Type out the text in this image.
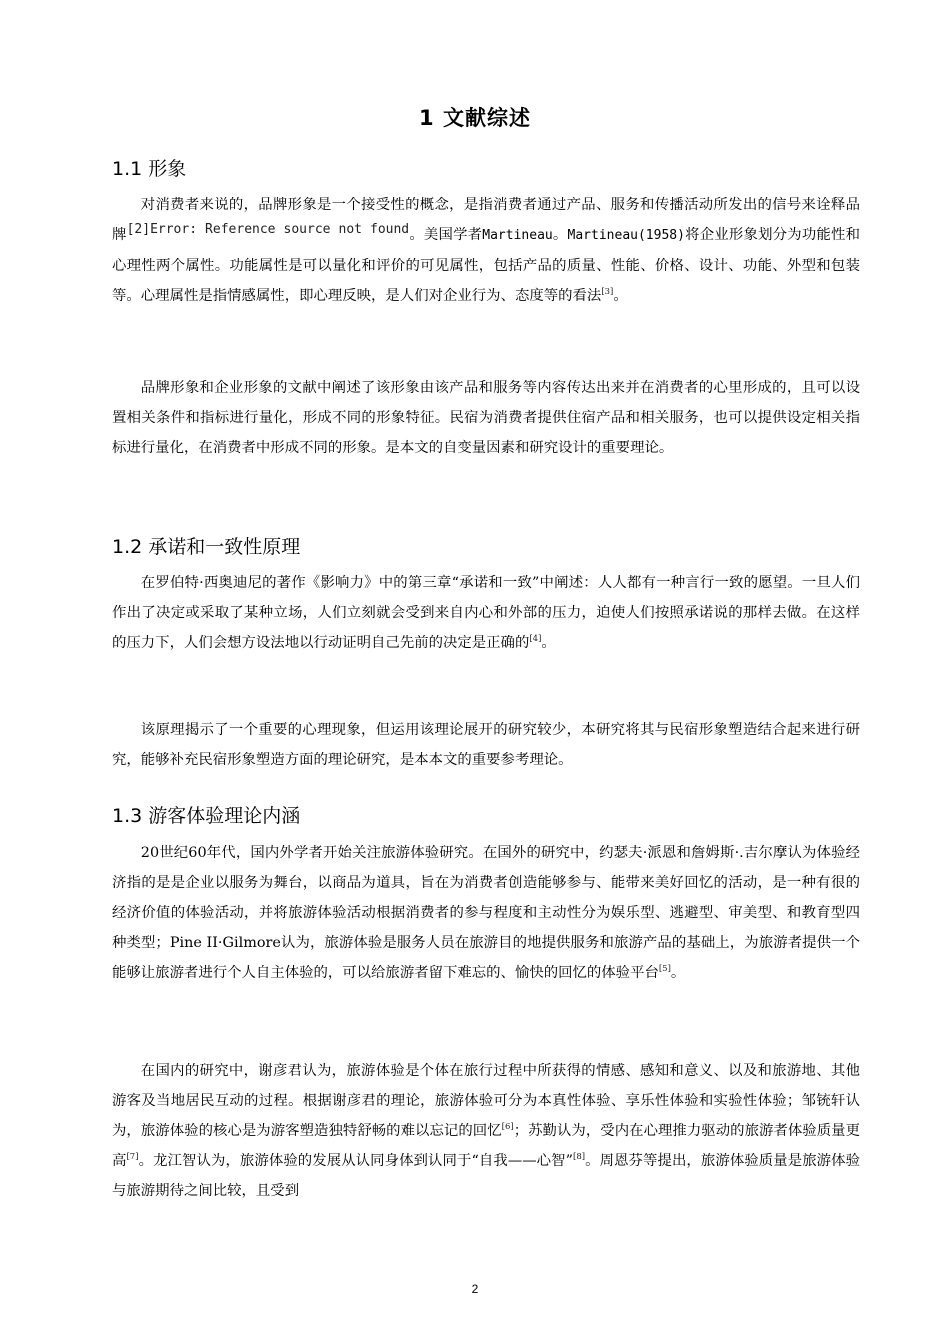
1 文献综述
1.1 形象

对消费者来说的，品牌形象是一个接受性的概念，是指消费者通过产品、服务和传播活动所发出的信号来诠释品牌$^{[2]Error: Reference source not found}$。美国学者Martineau。Martineau(1958)将企业形象划分为功能性和心理性两个属性。功能属性是可以量化和评价的可见属性，包括产品的质量、性能、价格、设计、功能、外型和包装等。心理属性是指情感属性，即心理反映，是人们对企业行为、态度等的看法[3]。

品牌形象和企业形象的文献中阐述了该形象由该产品和服务等内容传达出来并在消费者的心里形成的，且可以设置相关条件和指标进行量化，形成不同的形象特征。民宿为消费者提供住宿产品和相关服务，也可以提供设定相关指标进行量化，在消费者中形成不同的形象。是本文的自变量因素和研究设计的重要理论。

1.2 承诺和一致性原理

在罗伯特·西奥迪尼的著作《影响力》中的第三章“承诺和一致”中阐述：人人都有一种言行一致的愿望。一旦人们作出了决定或采取了某种立场，人们立刻就会受到来自内心和外部的压力，迫使人们按照承诺说的那样去做。在这样的压力下，人们会想方设法地以行动证明自己先前的决定是正确的[4]。

该原理揭示了一个重要的心理现象，但运用该理论展开的研究较少，本研究将其与民宿形象塑造结合起来进行研究，能够补充民宿形象塑造方面的理论研究，是本本文的重要参考理论。

1.3 游客体验理论内涵

20世纪60年代，国内外学者开始关注旅游体验研究。在国外的研究中，约瑟夫·派恩和詹姆斯·.吉尔摩认为体验经济指的是是企业以服务为舞台，以商品为道具，旨在为消费者创造能够参与、能带来美好回忆的活动，是一种有很的经济价值的体验活动，并将旅游体验活动根据消费者的参与程度和主动性分为娱乐型、逃避型、审美型、和教育型四种类型；Pine II·Gilmore认为，旅游体验是服务人员在旅游目的地提供服务和旅游产品的基础上，为旅游者提供一个能够让旅游者进行个人自主体验的，可以给旅游者留下难忘的、愉快的回忆的体验平台[5]。

在国内的研究中，谢彦君认为，旅游体验是个体在旅行过程中所获得的情感、感知和意义、以及和旅游地、其他游客及当地居民互动的过程。根据谢彦君的理论，旅游体验可分为本真性体验、享乐性体验和实验性体验；邹铳轩认为，旅游体验的核心是为游客塑造独特舒畅的难以忘记的回忆[6]；苏勤认为，受内在心理推力驱动的旅游者体验质量更高[7]。龙江智认为，旅游体验的发展从认同身体到认同于“自我——心智”[8]。周恩芬等提出，旅游体验质量是旅游体验与旅游期待之间比较，且受到

2
